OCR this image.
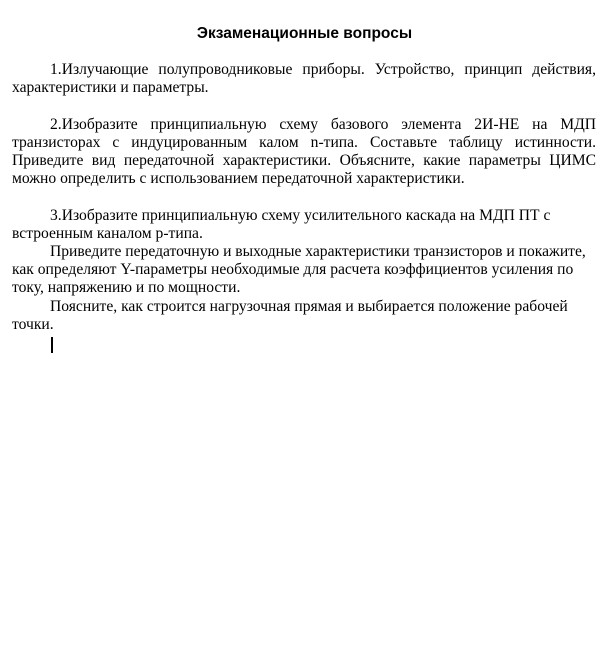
Экзаменационные вопросы

1.Излучающие полупроводниковые приборы. Устройство, принцип действия, характеристики и параметры.

2.Изобразите принципиальную схему базового элемента 2И-НЕ на МДП транзисторах с индуцированным калом n-типа. Составьте таблицу истинности. Приведите вид передаточной характеристики. Объясните, какие параметры ЦИМС можно определить с использованием передаточной характеристики.

3.Изобразите принципиальную схему усилительного каскада на МДП ПТ с встроенным каналом р-типа.

Приведите передаточную и выходные характеристики транзисторов и покажите, как определяют Y-параметры необходимые для расчета коэффициентов усиления по току, напряжению и по мощности.

Поясните, как строится нагрузочная прямая и выбирается положение рабочей точки.
